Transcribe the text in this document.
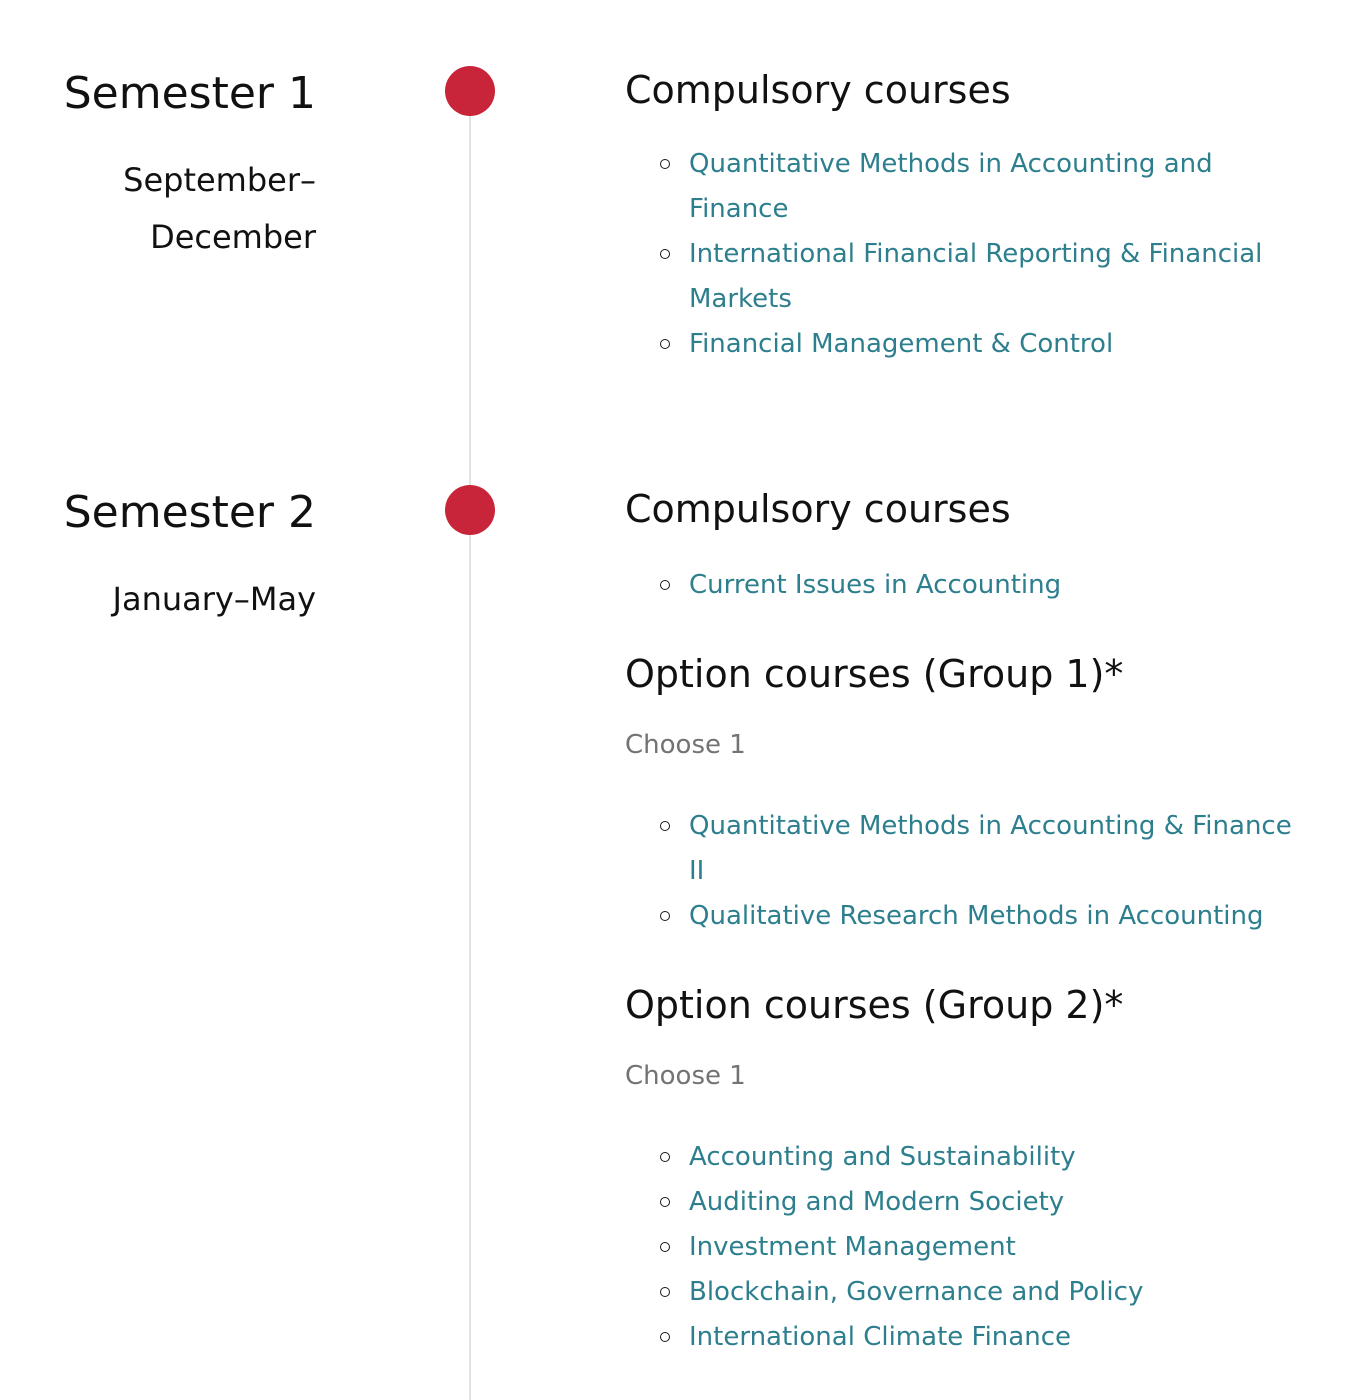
Semester 1
September–December
Compulsory courses
Quantitative Methods in Accounting and Finance
International Financial Reporting & Financial Markets
Financial Management & Control
Semester 2
January–May
Compulsory courses
Current Issues in Accounting
Option courses (Group 1)*

Choose 1

Quantitative Methods in Accounting & Finance II
Qualitative Research Methods in Accounting
Option courses (Group 2)*

Choose 1

Accounting and Sustainability
Auditing and Modern Society
Investment Management
Blockchain, Governance and Policy
International Climate Finance
